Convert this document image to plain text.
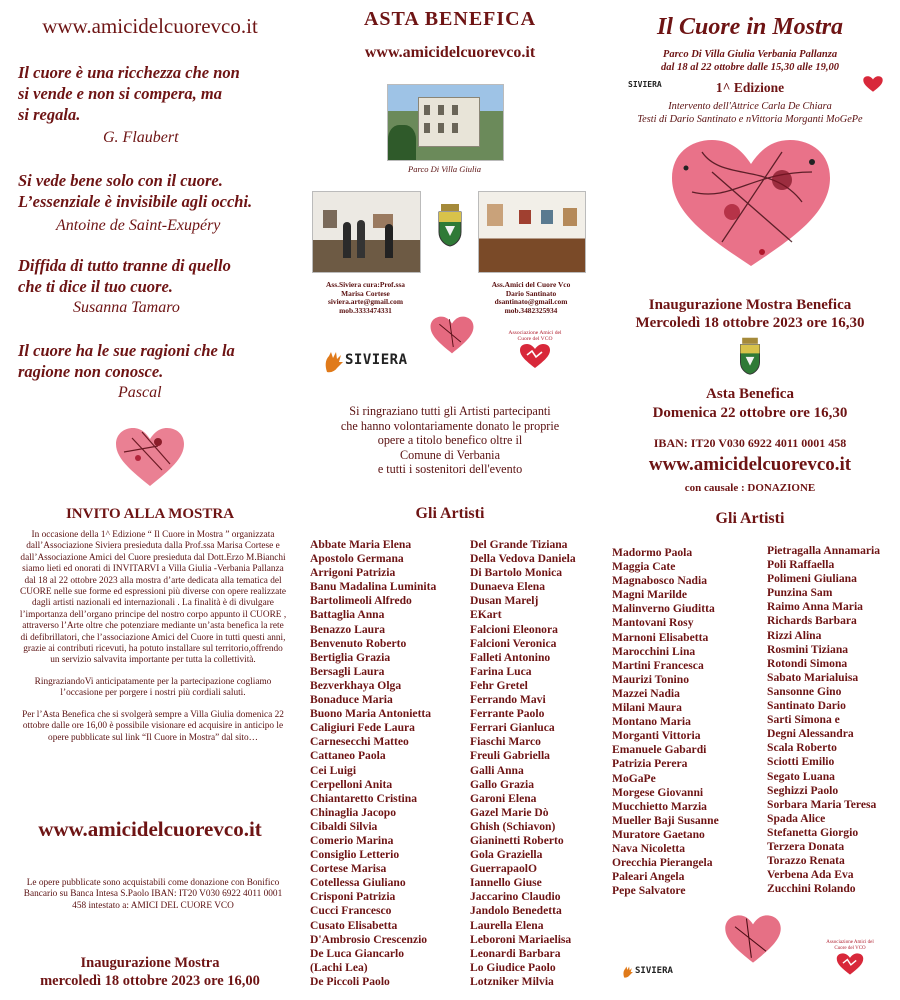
www.amicidelcuorevco.it
Il cuore è una ricchezza che non
si vende e non si compera, ma
si regala.
G. Flaubert
Si vede bene solo con il cuore.
L’essenziale è invisibile agli occhi.
Antoine de Saint-Exupéry
Diffida di tutto tranne di quello
che ti dice il tuo cuore.
Susanna Tamaro
Il cuore ha le sue ragioni che la
ragione non conosce.
Pascal
INVITO ALLA MOSTRA

In occasione della 1^ Edizione “ Il Cuore in Mostra ” organizzata dall’Associazione Siviera presieduta dalla Prof.ssa Marisa Cortese e dall’Associazione Amici del Cuore presieduta dal Dott.Erzo M.Bianchi siamo lieti ed onorati di INVITARVI a Villa Giulia -Verbania Pallanza dal 18 al 22 ottobre 2023 alla mostra d’arte dedicata alla tematica del CUORE nelle sue forme ed espressioni più diverse con opere realizzate dagli artisti nazionali ed internazionali . La finalità è di divulgare l’importanza dell’organo principe del nostro corpo appunto il CUORE , attraverso l’Arte oltre che potenziare mediante un’asta benefica la rete di defibrillatori, che l’associazione Amici del Cuore in tutti questi anni, grazie ai contributi ricevuti, ha potuto installare sul territorio,offrendo un servizio salvavita importante per tutta la collettività.

RingraziandoVi anticipatamente per la partecipazione cogliamo l’occasione per porgere i nostri più cordiali saluti.

Per l’Asta Benefica che si svolgerà sempre a Villa Giulia domenica 22 ottobre dalle ore 16,00 è possibile visionare ed acquisire in anticipo le opere pubblicate sul link “Il Cuore in Mostra” dal sito…

www.amicidelcuorevco.it
Le opere pubblicate sono acquistabili come donazione con Bonifico Bancario su Banca Intesa S.Paolo IBAN: IT20 V030 6922 4011 0001 458 intestato a: AMICI DEL CUORE VCO
Inaugurazione Mostra
mercoledì 18 ottobre 2023 ore 16,00
ASTA BENEFICA
www.amicidelcuorevco.it
Parco Di Villa Giulia
Ass.Siviera cura:Prof.ssa
Marisa Cortese
siviera.arte@gmail.com
mob.3333474331
Ass.Amici del Cuore Vco
Dario Santinato
dsantinato@gmail.com
mob.3482325934
SIVIERA
Associazione Amici del Cuore del VCO
Si ringraziano tutti gli Artisti partecipanti
che hanno volontariamente donato le proprie
opere a titolo benefico oltre il
Comune di Verbania
e tutti i sostenitori dell'evento
Gli Artisti
Abbate Maria Elena
Apostolo Germana
Arrigoni Patrizia
Banu Madalina Luminita
Bartolimeoli Alfredo
Battaglia Anna
Benazzo Laura
Benvenuto Roberto
Bertiglia Grazia
Bersagli Laura
Bezverkhaya Olga
Bonaduce Maria
Buono Maria Antonietta
Caligiuri Fede Laura
Carnesecchi Matteo
Cattaneo Paola
Cei Luigi
Cerpelloni Anita
Chiantaretto Cristina
Chinaglia Jacopo
Cibaldi Silvia
Comerio Marina
Consiglio Letterio
Cortese Marisa
Cotellessa Giuliano
Crisponi Patrizia
Cucci Francesco
Cusato Elisabetta
D'Ambrosio Crescenzio
De Luca Giancarlo
(Lachi Lea)
De Piccoli Paolo
Del Grande Tiziana
Della Vedova Daniela
Di Bartolo Monica
Dunaeva Elena
Dusan Marelj
EKart
Falcioni Eleonora
Falcioni Veronica
Falleti Antonino
Farina Luca
Fehr Gretel
Ferrando Mavi
Ferrante Paolo
Ferrari Gianluca
Fiaschi Marco
Freuli Gabriella
Galli Anna
Gallo Grazia
Garoni Elena
Gazel Marie Dò
Ghish (Schiavon)
Gianinetti Roberto
Gola Graziella
GuerrapaolO
Iannello Giuse
Jaccarino Claudio
Jandolo Benedetta
Laurella Elena
Leboroni Mariaelisa
Leonardi Barbara
Lo Giudice Paolo
Lotzniker Milvia
Il Cuore in Mostra
Parco Di Villa Giulia Verbania Pallanza
dal 18 al 22 ottobre dalle 15,30 alle 19,00
SIVIERA	1^ Edizione
Intervento dell'Attrice Carla De Chiara
Testi di Dario Santinato e nVittoria Morganti MoGePe
Inaugurazione Mostra Benefica
Mercoledì 18 ottobre 2023 ore 16,30
Asta Benefica
Domenica 22 ottobre ore 16,30
IBAN: IT20 V030 6922 4011 0001 458
www.amicidelcuorevco.it
con causale : DONAZIONE
Gli Artisti
Madormo Paola
Maggia Cate
Magnabosco Nadia
Magni Marilde
Malinverno Giuditta
Mantovani Rosy
Marnoni Elisabetta
Marocchini Lina
Martini Francesca
Maurizi Tonino
Mazzei Nadia
Milani Maura
Montano Maria
Morganti Vittoria
Emanuele Gabardi
Patrizia Perera
MoGaPe
Morgese Giovanni
Mucchietto Marzia
Mueller Baji Susanne
Muratore Gaetano
Nava Nicoletta
Orecchia Pierangela
Paleari Angela
Pepe Salvatore
Pietragalla Annamaria
Poli Raffaella
Polimeni Giuliana
Punzina Sam
Raimo Anna Maria
Richards Barbara
Rizzi Alina
Rosmini Tiziana
Rotondi Simona
Sabato Marialuisa
Sansonne Gino
Santinato Dario
Sarti Simona e
Degni Alessandra
Scala Roberto
Sciotti Emilio
Segato Luana
Seghizzi Paolo
Sorbara Maria Teresa
Spada Alice
Stefanetta Giorgio
Terzera Donata
Torazzo Renata
Verbena Ada Eva
Zucchini Rolando
SIVIERA
Associazione Amici del Cuore del VCO
